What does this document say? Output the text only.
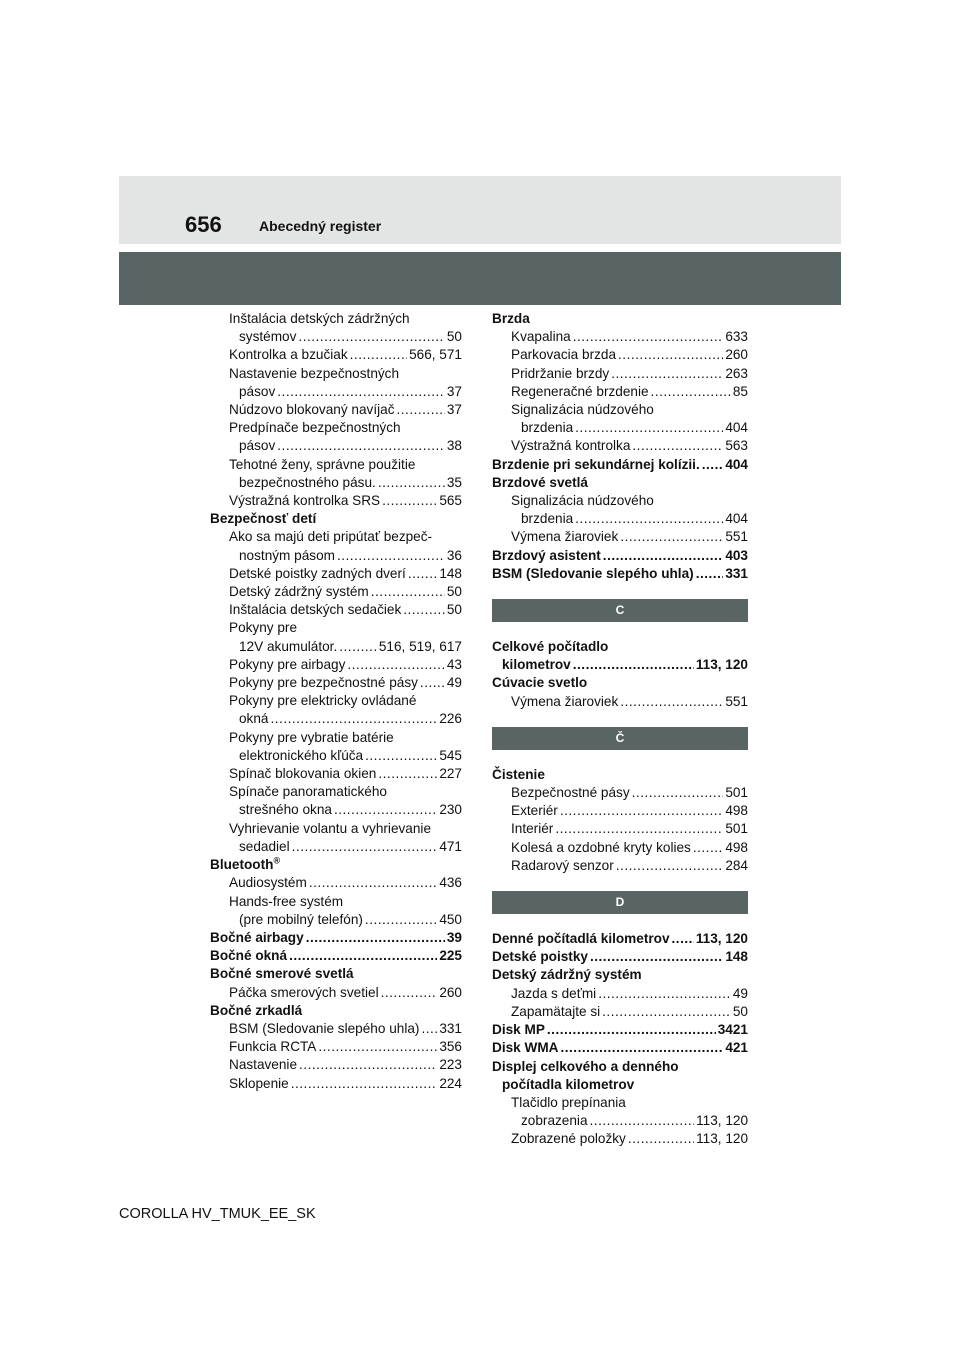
656	Abecedný register
Inštalácia detských zádržných
systémov .....	50
Kontrolka a bzučiak .....	566, 571
Nastavenie bezpečnostných
pásov .....	37
Núdzovo blokovaný navíjač .....	37
Predpínače bezpečnostných
pásov .....	38
Tehotné ženy, správne použitie
bezpečnostného pásu. .....	35
Výstražná kontrolka SRS .....	565
Bezpečnosť detí
Ako sa majú deti pripútať bezpeč-
nostným pásom .....	36
Detské poistky zadných dverí ..... 148
Detský zádržný systém .....	50
Inštalácia detských sedačiek .....	50
Pokyny pre
12V akumulátor. .....	516, 519, 617
Pokyny pre airbagy .....	43
Pokyny pre bezpečnostné pásy ..... 49
Pokyny pre elektricky ovládané
okná .....	226
Pokyny pre vybratie batérie
elektronického kľúča .....	545
Spínač blokovania okien .....	227
Spínače panoramatického
strešného okna .....	230
Vyhrievanie volantu a vyhrievanie
sedadiel .....	471
Bluetooth®
Audiosystém .....	436
Hands-free systém
(pre mobilný telefón) .....	450
Bočné airbagy .....	39
Bočné okná .....	225
Bočné smerové svetlá
Páčka smerových svetiel .....	260
Bočné zrkadlá
BSM (Sledovanie slepého uhla) ..... 331
Funkcia RCTA .....	356
Nastavenie .....	223
Sklopenie .....	224
Brzda
Kvapalina .....	633
Parkovacia brzda .....	260
Pridržanie brzdy .....	263
Regeneračné brzdenie .....	85
Signalizácia núdzového
brzdenia .....	404
Výstražná kontrolka .....	563
Brzdenie pri sekundárnej kolízii. ..... 404
Brzdové svetlá
Signalizácia núdzového
brzdenia .....	404
Výmena žiaroviek .....	551
Brzdový asistent .....	403
BSM (Sledovanie slepého uhla) ..... 331
C
Celkové počítadlo
kilometrov .....	113, 120
Cúvacie svetlo
Výmena žiaroviek .....	551
Č
Čistenie
Bezpečnostné pásy .....	501
Exteriér .....	498
Interiér .....	501
Kolesá a ozdobné kryty kolies .....	498
Radarový senzor .....	284
D
Denné počítadlá kilometrov ..... 113, 120
Detské poistky .....	148
Detský zádržný systém
Jazda s deťmi .....	49
Zapamätajte si .....	50
Disk MP .....	3421
Disk WMA .....	421
Displej celkového a denného
počítadla kilometrov
Tlačidlo prepínania
zobrazenia .....	113, 120
Zobrazené položky .....	113, 120
COROLLA HV_TMUK_EE_SK
